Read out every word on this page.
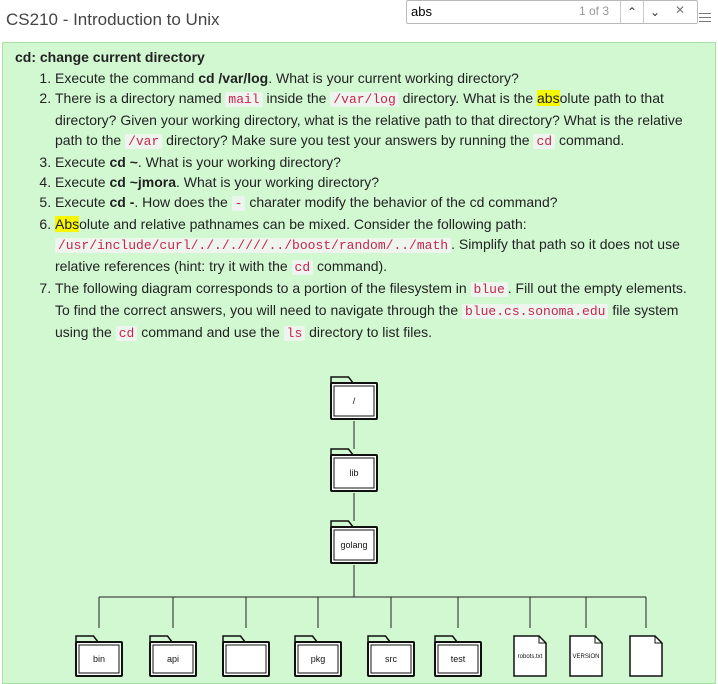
CS210 - Introduction to Unix
abs	1 of 3	⌃	⌄	✕
cd: change current directory
1. Execute the command cd /var/log. What is your current working directory?
2. There is a directory named mail inside the /var/log directory. What is the absolute path to that directory? Given your working directory, what is the relative path to that directory? What is the relative path to the /var directory? Make sure you test your answers by running the cd command.
3. Execute cd ~. What is your working directory?
4. Execute cd ~jmora. What is your working directory?
5. Execute cd -. How does the - charater modify the behavior of the cd command?
6. Absolute and relative pathnames can be mixed. Consider the following path: /usr/include/curl/./././///../boost/random/../math . Simplify that path so it does not use relative references (hint: try it with the cd command).
7. The following diagram corresponds to a portion of the filesystem in blue . Fill out the empty elements. To find the correct answers, you will need to navigate through the blue.cs.sonoma.edu file system using the cd command and use the ls directory to list files.
/
lib
golang
bin	api	pkg	src	test	robots.txt	VERSION
